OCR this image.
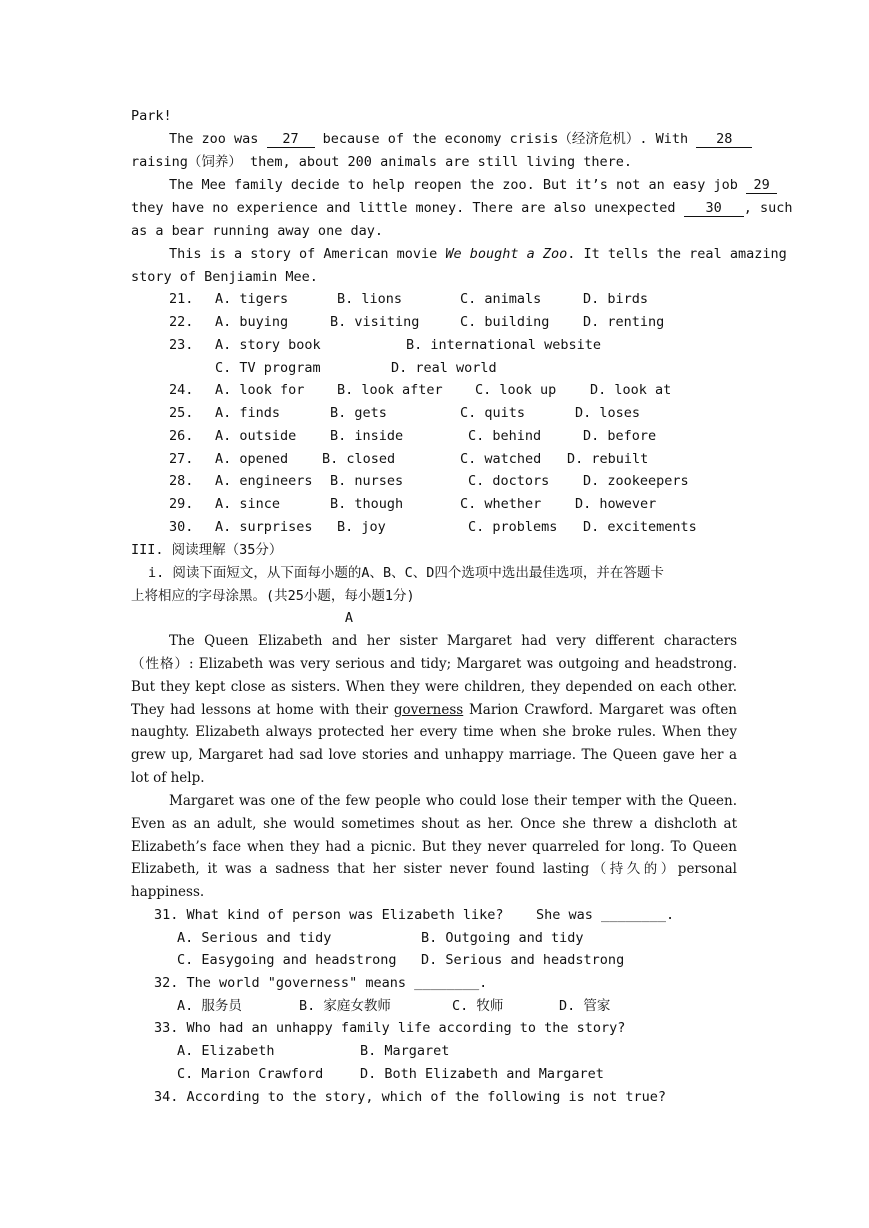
Park!
The zoo was 27 because of the economy crisis（经济危机）. With 28
raising（饲养） them, about 200 animals are still living there.
The Mee family decide to help reopen the zoo. But it’s not an easy job 29
they have no experience and little money. There are also unexpected 30 , such
as a bear running away one day.
This is a story of American movie We bought a Zoo. It tells the real amazing
story of Benjiamin Mee.
21. A. tigers	B. lions	C. animals	D. birds
22. A. buying	B. visiting	C. building D. renting
23. A. story book	B. international website
C. TV program	D. real world
24. A. look for B. look after C. look up D. look at
25. A. finds	B. gets	C. quits	D. loses
26. A. outside B. inside	C. behind	D. before
27. A. opened	B. closed	C. watched D. rebuilt
28. A. engineers B. nurses	C. doctors D. zookeepers
29. A. since	B. though	C. whether D. however
30. A. surprises B. joy	C. problems D. excitements
III. 阅读理解（35分）
i. 阅读下面短文，从下面每小题的A、B、C、D四个选项中选出最佳选项，并在答题卡
上将相应的字母涂黑。(共25小题，每小题1分)
A
The Queen Elizabeth and her sister Margaret had very different characters
（性格）: Elizabeth was very serious and tidy; Margaret was outgoing and headstrong.
But they kept close as sisters. When they were children, they depended on each other.
They had lessons at home with their governess Marion Crawford. Margaret was often
naughty. Elizabeth always protected her every time when she broke rules. When they
grew up, Margaret had sad love stories and unhappy marriage. The Queen gave her a
lot of help.
Margaret was one of the few people who could lose their temper with the Queen.
Even as an adult, she would sometimes shout as her. Once she threw a dishcloth at
Elizabeth’s face when they had a picnic. But they never quarreled for long. To Queen
Elizabeth, it was a sadness that her sister never found lasting（持久的）personal
happiness.
31. What kind of person was Elizabeth like?    She was ________.
A. Serious and tidy	B. Outgoing and tidy
C. Easygoing and headstrong D. Serious and headstrong
32. The world "governess" means ________.
A. 服务员	B. 家庭女教师	C. 牧师	D. 管家
33. Who had an unhappy family life according to the story?
A. Elizabeth	B. Margaret
C. Marion Crawford	D. Both Elizabeth and Margaret
34. According to the story, which of the following is not true?
